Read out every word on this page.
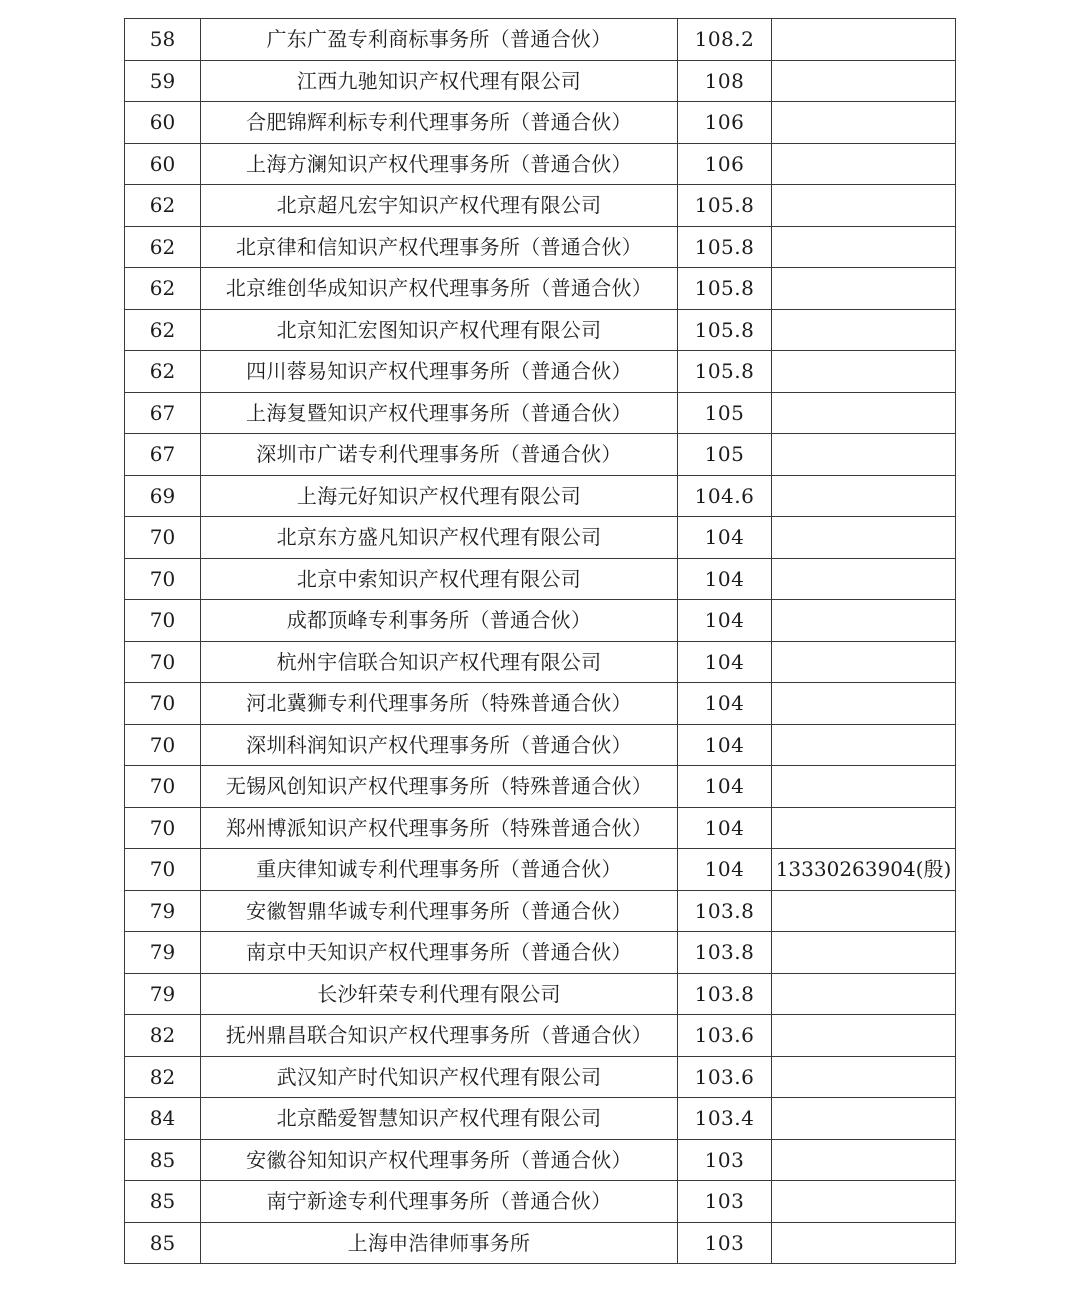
58	广东广盈专利商标事务所（普通合伙）	108.2	
59	江西九驰知识产权代理有限公司	108	
60	合肥锦辉利标专利代理事务所（普通合伙）	106	
60	上海方澜知识产权代理事务所（普通合伙）	106	
62	北京超凡宏宇知识产权代理有限公司	105.8	
62	北京律和信知识产权代理事务所（普通合伙）	105.8	
62	北京维创华成知识产权代理事务所（普通合伙）	105.8	
62	北京知汇宏图知识产权代理有限公司	105.8	
62	四川蓉易知识产权代理事务所（普通合伙）	105.8	
67	上海复暨知识产权代理事务所（普通合伙）	105	
67	深圳市广诺专利代理事务所（普通合伙）	105	
69	上海元好知识产权代理有限公司	104.6	
70	北京东方盛凡知识产权代理有限公司	104	
70	北京中索知识产权代理有限公司	104	
70	成都顶峰专利事务所（普通合伙）	104	
70	杭州宇信联合知识产权代理有限公司	104	
70	河北冀狮专利代理事务所（特殊普通合伙）	104	
70	深圳科润知识产权代理事务所（普通合伙）	104	
70	无锡风创知识产权代理事务所（特殊普通合伙）	104	
70	郑州博派知识产权代理事务所（特殊普通合伙）	104	
70	重庆律知诚专利代理事务所（普通合伙）	104	13330263904(殷)
79	安徽智鼎华诚专利代理事务所（普通合伙）	103.8	
79	南京中天知识产权代理事务所（普通合伙）	103.8	
79	长沙轩荣专利代理有限公司	103.8	
82	抚州鼎昌联合知识产权代理事务所（普通合伙）	103.6	
82	武汉知产时代知识产权代理有限公司	103.6	
84	北京酷爱智慧知识产权代理有限公司	103.4	
85	安徽谷知知识产权代理事务所（普通合伙）	103	
85	南宁新途专利代理事务所（普通合伙）	103	
85	上海申浩律师事务所	103	
